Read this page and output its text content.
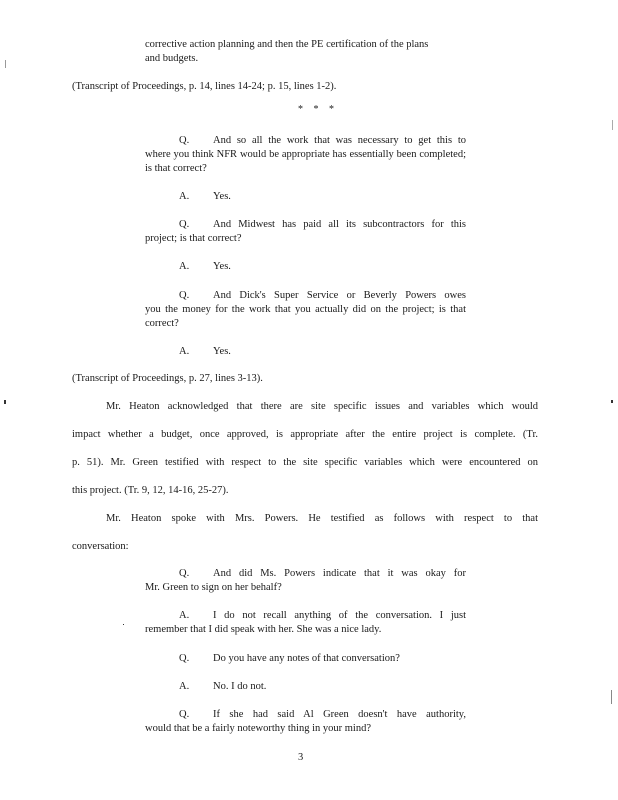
corrective action planning and then the PE certification of the plans

and budgets.

(Transcript of Proceedings, p. 14, lines 14-24; p. 15, lines 1-2).

* * *
Q. And so all the work that was necessary to get this to
where you think NFR would be appropriate has essentially been completed; is that correct?
A. Yes.
Q. And Midwest has paid all its subcontractors for this
project; is that correct?
A. Yes.
Q. And Dick's Super Service or Beverly Powers owes
you the money for the work that you actually did on the project; is that correct?
A. Yes.

(Transcript of Proceedings, p. 27, lines 3-13).

Mr. Heaton acknowledged that there are site specific issues and variables which would
impact whether a budget, once approved, is appropriate after the entire project is complete. (Tr.
p. 51). Mr. Green testified with respect to the site specific variables which were encountered on
this project. (Tr. 9, 12, 14-16, 25-27).
Mr. Heaton spoke with Mrs. Powers. He testified as follows with respect to that
conversation:
Q. And did Ms. Powers indicate that it was okay for
Mr. Green to sign on her behalf?
A. I do not recall anything of the conversation. I just
remember that I did speak with her. She was a nice lady.
Q. Do you have any notes of that conversation?
A. No. I do not.
Q. If she had said Al Green doesn't have authority,
would that be a fairly noteworthy thing in your mind?
3
